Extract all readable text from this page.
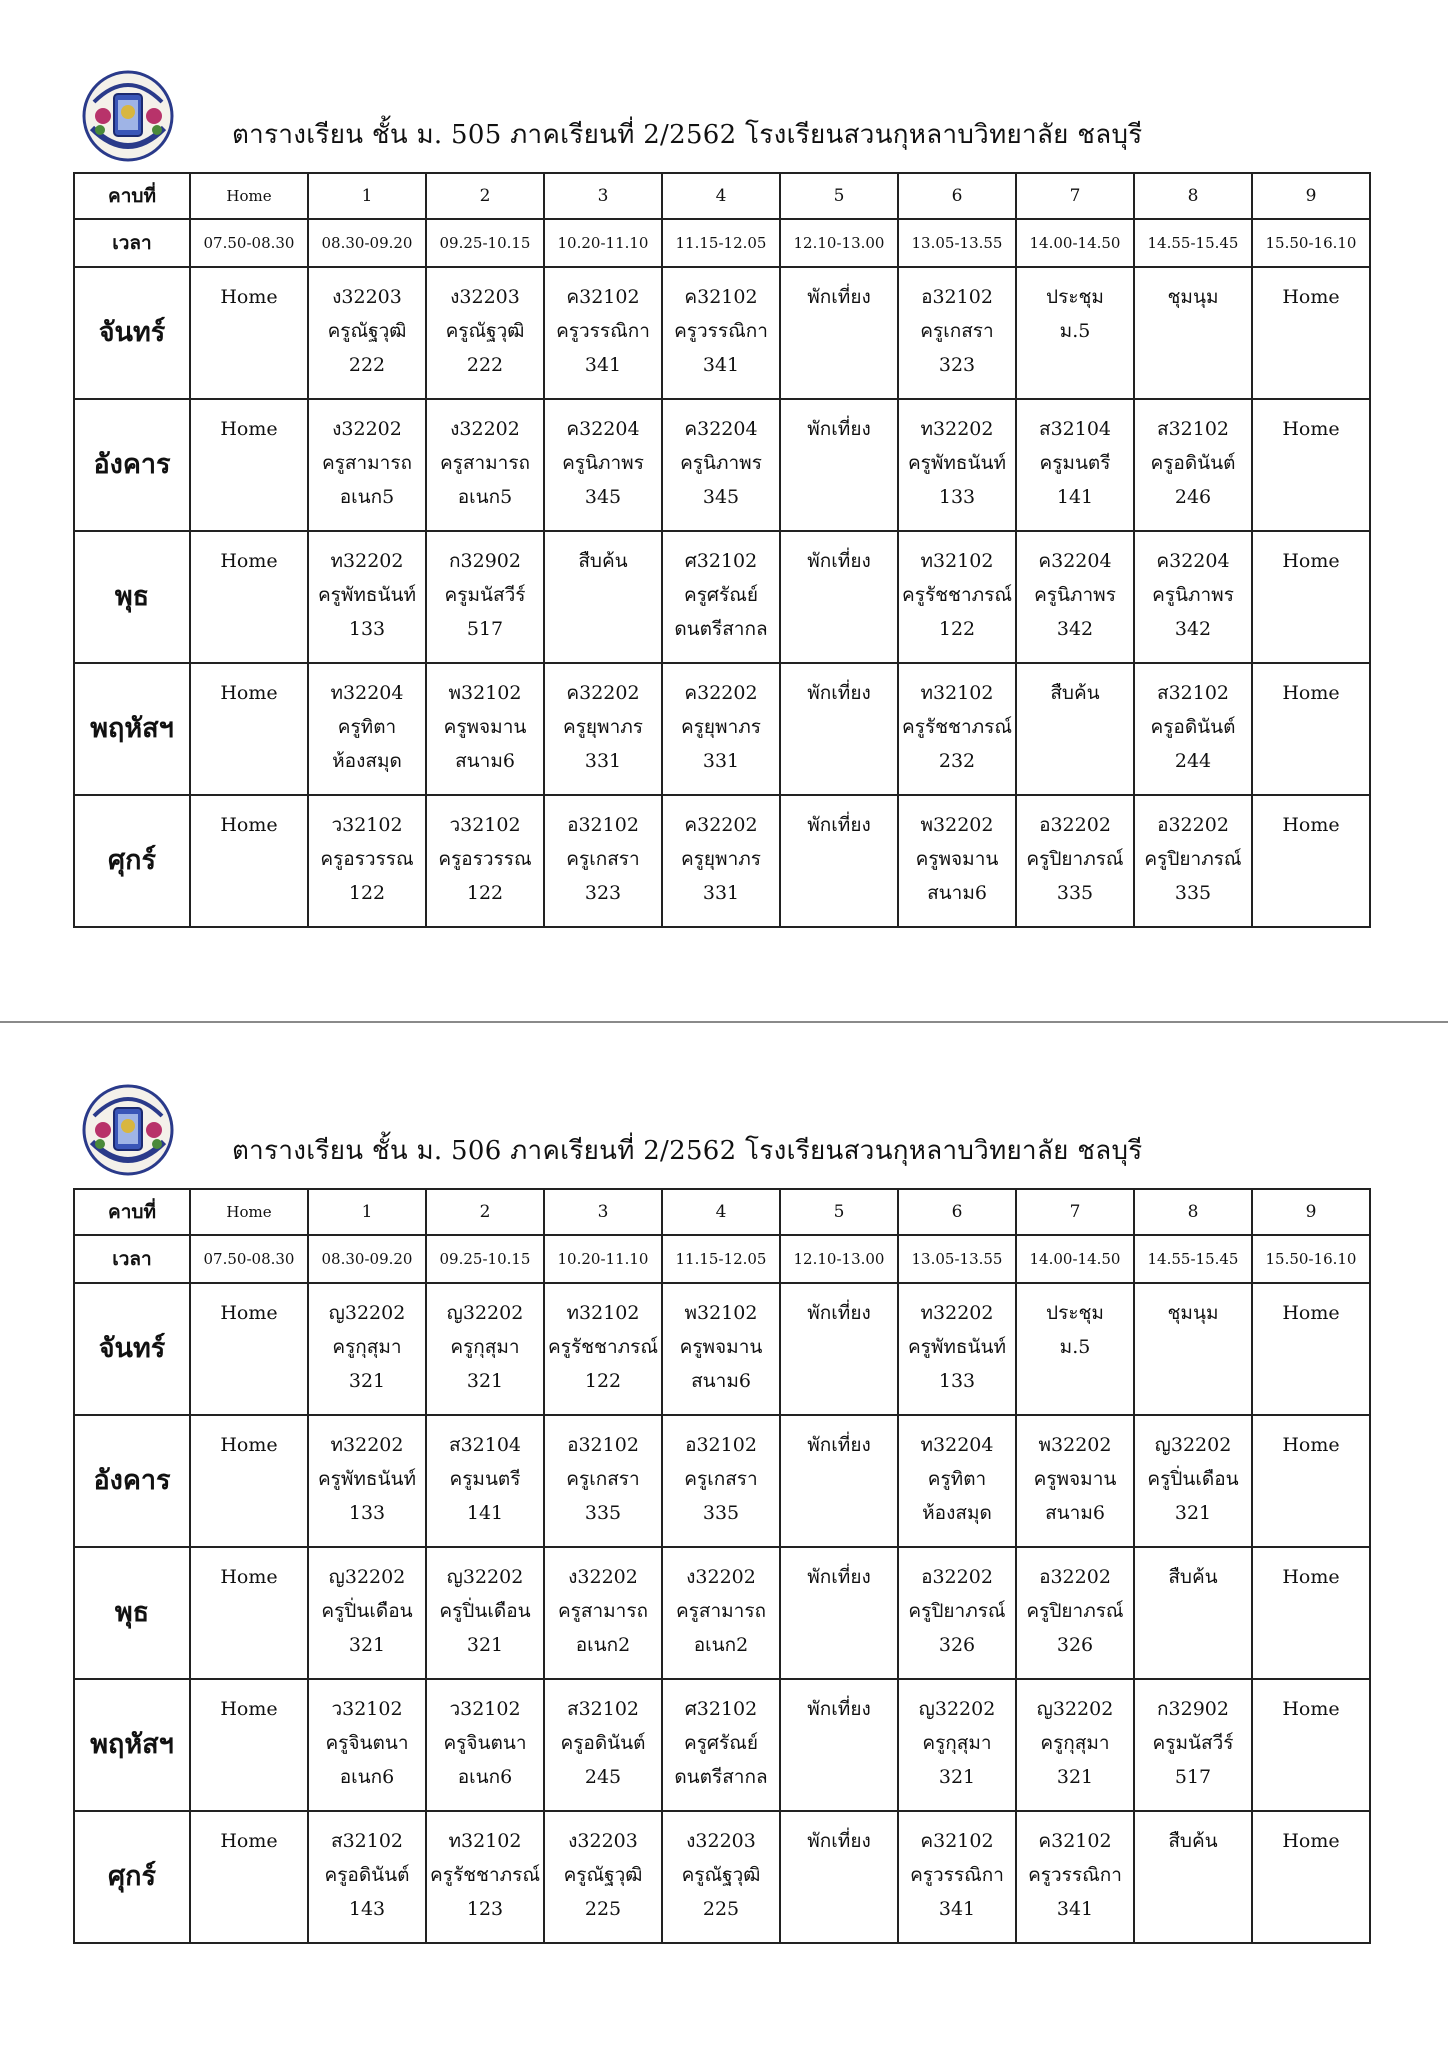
ตารางเรียน ชั้น ม. 505 ภาคเรียนที่ 2/2562 โรงเรียนสวนกุหลาบวิทยาลัย ชลบุรี
คาบที่	Home	1	2	3	4	5	6	7	8	9
เวลา	07.50-08.30	08.30-09.20	09.25-10.15	10.20-11.10	11.15-12.05	12.10-13.00	13.05-13.55	14.00-14.50	14.55-15.45	15.50-16.10
จันทร์	Home	ง32203
ครูณัฐวุฒิ
222	ง32203
ครูณัฐวุฒิ
222	ค32102
ครูวรรณิกา
341	ค32102
ครูวรรณิกา
341	พักเที่ยง	อ32102
ครูเกสรา
323	ประชุม
ม.5	ชุมนุม	Home

อังคาร	Home	ง32202
ครูสามารถ
อเนก5	ง32202
ครูสามารถ
อเนก5	ค32204
ครูนิภาพร
345	ค32204
ครูนิภาพร
345	พักเที่ยง	ท32202
ครูพัทธนันท์
133	ส32104
ครูมนตรี
141	ส32102
ครูอดินันต์
246	Home

พุธ	Home	ท32202
ครูพัทธนันท์
133	ก32902
ครูมนัสวีร์
517	สืบค้น	ศ32102
ครูศรัณย์
ดนตรีสากล	พักเที่ยง	ท32102
ครูรัชชาภรณ์
122	ค32204
ครูนิภาพร
342	ค32204
ครูนิภาพร
342	Home

พฤหัสฯ	Home	ท32204
ครูทิตา
ห้องสมุด	พ32102
ครูพจมาน
สนาม6	ค32202
ครูยุพาภร
331	ค32202
ครูยุพาภร
331	พักเที่ยง	ท32102
ครูรัชชาภรณ์
232	สืบค้น	ส32102
ครูอดินันต์
244	Home

ศุกร์	Home	ว32102
ครูอรวรรณ
122	ว32102
ครูอรวรรณ
122	อ32102
ครูเกสรา
323	ค32202
ครูยุพาภร
331	พักเที่ยง	พ32202
ครูพจมาน
สนาม6	อ32202
ครูปิยาภรณ์
335	อ32202
ครูปิยาภรณ์
335	Home
ตารางเรียน ชั้น ม. 506 ภาคเรียนที่ 2/2562 โรงเรียนสวนกุหลาบวิทยาลัย ชลบุรี
คาบที่	Home	1	2	3	4	5	6	7	8	9
เวลา	07.50-08.30	08.30-09.20	09.25-10.15	10.20-11.10	11.15-12.05	12.10-13.00	13.05-13.55	14.00-14.50	14.55-15.45	15.50-16.10
จันทร์	Home	ญ32202
ครูกุสุมา
321	ญ32202
ครูกุสุมา
321	ท32102
ครูรัชชาภรณ์
122	พ32102
ครูพจมาน
สนาม6	พักเที่ยง	ท32202
ครูพัทธนันท์
133	ประชุม
ม.5	ชุมนุม	Home

อังคาร	Home	ท32202
ครูพัทธนันท์
133	ส32104
ครูมนตรี
141	อ32102
ครูเกสรา
335	อ32102
ครูเกสรา
335	พักเที่ยง	ท32204
ครูทิตา
ห้องสมุด	พ32202
ครูพจมาน
สนาม6	ญ32202
ครูปิ่นเดือน
321	Home

พุธ	Home	ญ32202
ครูปิ่นเดือน
321	ญ32202
ครูปิ่นเดือน
321	ง32202
ครูสามารถ
อเนก2	ง32202
ครูสามารถ
อเนก2	พักเที่ยง	อ32202
ครูปิยาภรณ์
326	อ32202
ครูปิยาภรณ์
326	สืบค้น	Home

พฤหัสฯ	Home	ว32102
ครูจินตนา
อเนก6	ว32102
ครูจินตนา
อเนก6	ส32102
ครูอดินันต์
245	ศ32102
ครูศรัณย์
ดนตรีสากล	พักเที่ยง	ญ32202
ครูกุสุมา
321	ญ32202
ครูกุสุมา
321	ก32902
ครูมนัสวีร์
517	Home

ศุกร์	Home	ส32102
ครูอดินันต์
143	ท32102
ครูรัชชาภรณ์
123	ง32203
ครูณัฐวุฒิ
225	ง32203
ครูณัฐวุฒิ
225	พักเที่ยง	ค32102
ครูวรรณิกา
341	ค32102
ครูวรรณิกา
341	สืบค้น	Home
